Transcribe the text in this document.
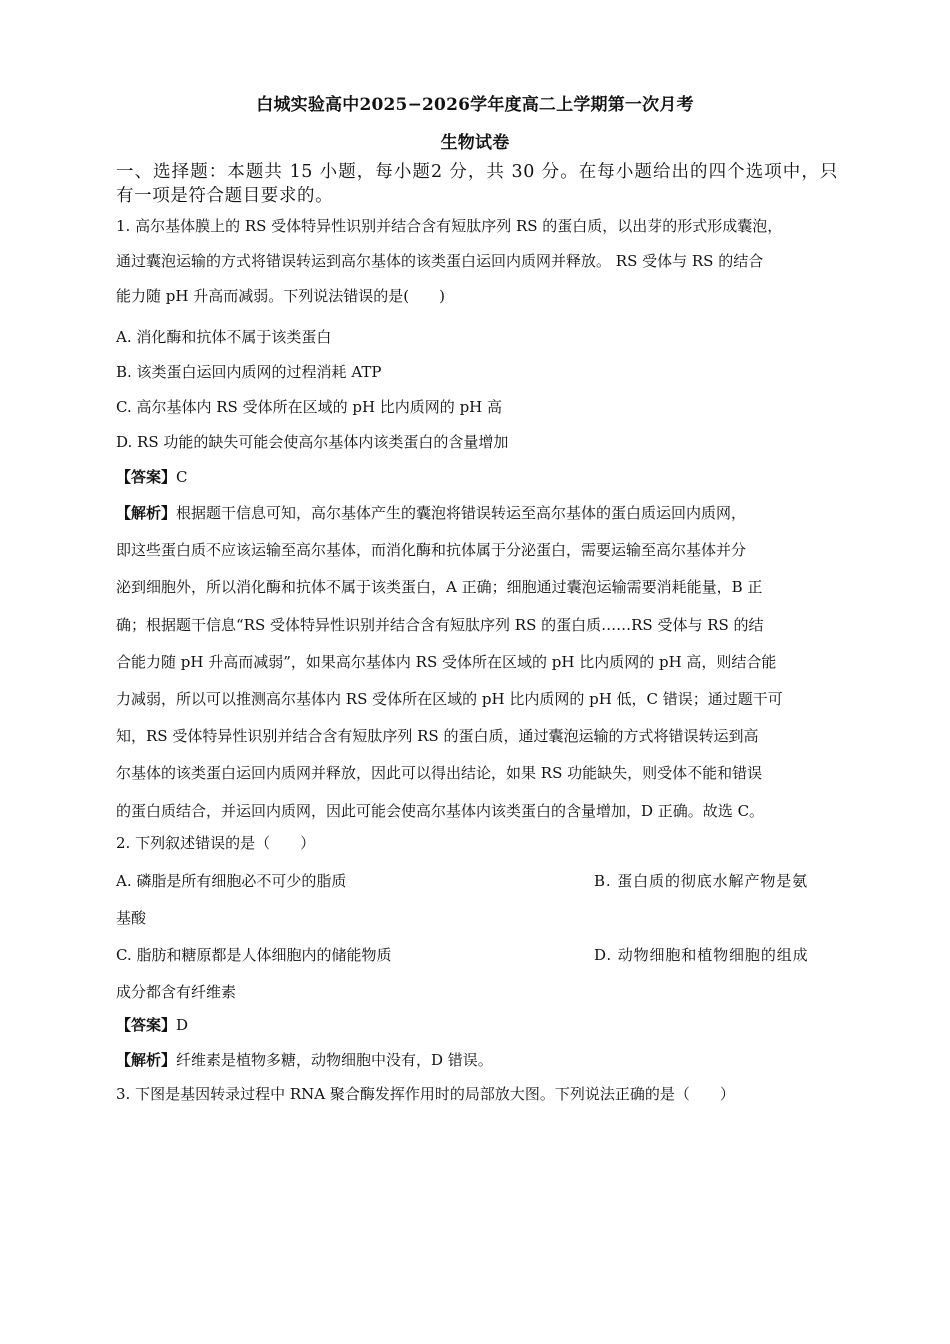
白城实验高中2025−2026学年度高二上学期第一次月考
生物试卷
一、选择题：本题共 15 小题，每小题2 分，共 30 分。在每小题给出的四个选项中，只有一项是符合题目要求的。
1. 高尔基体膜上的 RS 受体特异性识别并结合含有短肽序列 RS 的蛋白质，以出芽的形式形成囊泡，
通过囊泡运输的方式将错误转运到高尔基体的该类蛋白运回内质网并释放。 RS 受体与 RS 的结合
能力随 pH 升高而减弱。下列说法错误的是(　　)
A. 消化酶和抗体不属于该类蛋白
B. 该类蛋白运回内质网的过程消耗 ATP
C. 高尔基体内 RS 受体所在区域的 pH 比内质网的 pH 高
D. RS 功能的缺失可能会使高尔基体内该类蛋白的含量增加
【答案】C
【解析】根据题干信息可知，高尔基体产生的囊泡将错误转运至高尔基体的蛋白质运回内质网，
即这些蛋白质不应该运输至高尔基体，而消化酶和抗体属于分泌蛋白，需要运输至高尔基体并分
泌到细胞外，所以消化酶和抗体不属于该类蛋白，A 正确；细胞通过囊泡运输需要消耗能量，B 正
确；根据题干信息“RS 受体特异性识别并结合含有短肽序列 RS 的蛋白质……RS 受体与 RS 的结
合能力随 pH 升高而减弱”，如果高尔基体内 RS 受体所在区域的 pH 比内质网的 pH 高，则结合能
力减弱，所以可以推测高尔基体内 RS 受体所在区域的 pH 比内质网的 pH 低，C 错误；通过题干可
知，RS 受体特异性识别并结合含有短肽序列 RS 的蛋白质，通过囊泡运输的方式将错误转运到高
尔基体的该类蛋白运回内质网并释放，因此可以得出结论，如果 RS 功能缺失，则受体不能和错误
的蛋白质结合，并运回内质网，因此可能会使高尔基体内该类蛋白的含量增加，D 正确。故选 C。
2. 下列叙述错误的是（　　）
A. 磷脂是所有细胞必不可少的脂质	B. 蛋白质的彻底水解产物是氨
基酸
C. 脂肪和糖原都是人体细胞内的储能物质	D. 动物细胞和植物细胞的组成
成分都含有纤维素
【答案】D
【解析】纤维素是植物多糖，动物细胞中没有，D 错误。
3. 下图是基因转录过程中 RNA 聚合酶发挥作用时的局部放大图。下列说法正确的是（　　）
